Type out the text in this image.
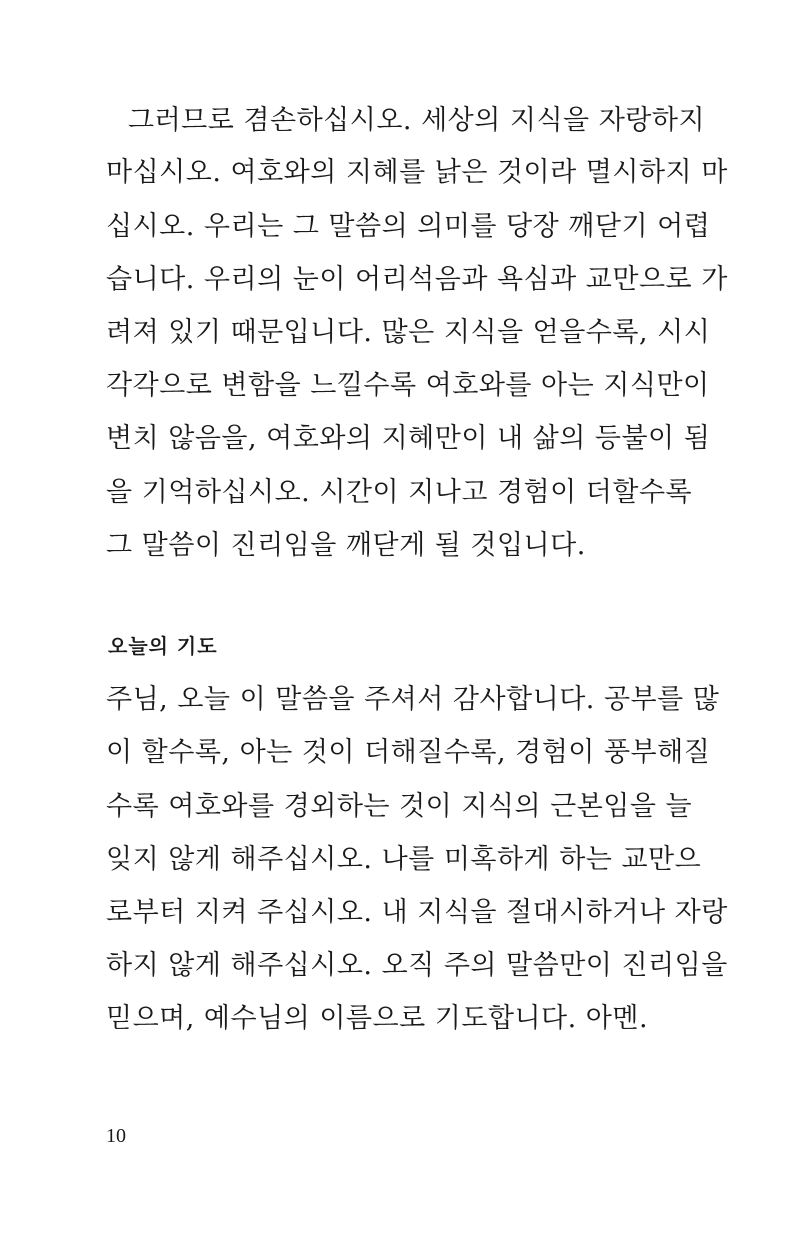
그러므로 겸손하십시오. 세상의 지식을 자랑하지
마십시오. 여호와의 지혜를 낡은 것이라 멸시하지 마
십시오. 우리는 그 말씀의 의미를 당장 깨닫기 어렵
습니다. 우리의 눈이 어리석음과 욕심과 교만으로 가
려져 있기 때문입니다. 많은 지식을 얻을수록, 시시
각각으로 변함을 느낄수록 여호와를 아는 지식만이
변치 않음을, 여호와의 지혜만이 내 삶의 등불이 됨
을 기억하십시오. 시간이 지나고 경험이 더할수록
그 말씀이 진리임을 깨닫게 될 것입니다.
오늘의 기도
주님, 오늘 이 말씀을 주셔서 감사합니다. 공부를 많
이 할수록, 아는 것이 더해질수록, 경험이 풍부해질
수록 여호와를 경외하는 것이 지식의 근본임을 늘
잊지 않게 해주십시오. 나를 미혹하게 하는 교만으
로부터 지켜 주십시오. 내 지식을 절대시하거나 자랑
하지 않게 해주십시오. 오직 주의 말씀만이 진리임을
믿으며, 예수님의 이름으로 기도합니다. 아멘.
10
